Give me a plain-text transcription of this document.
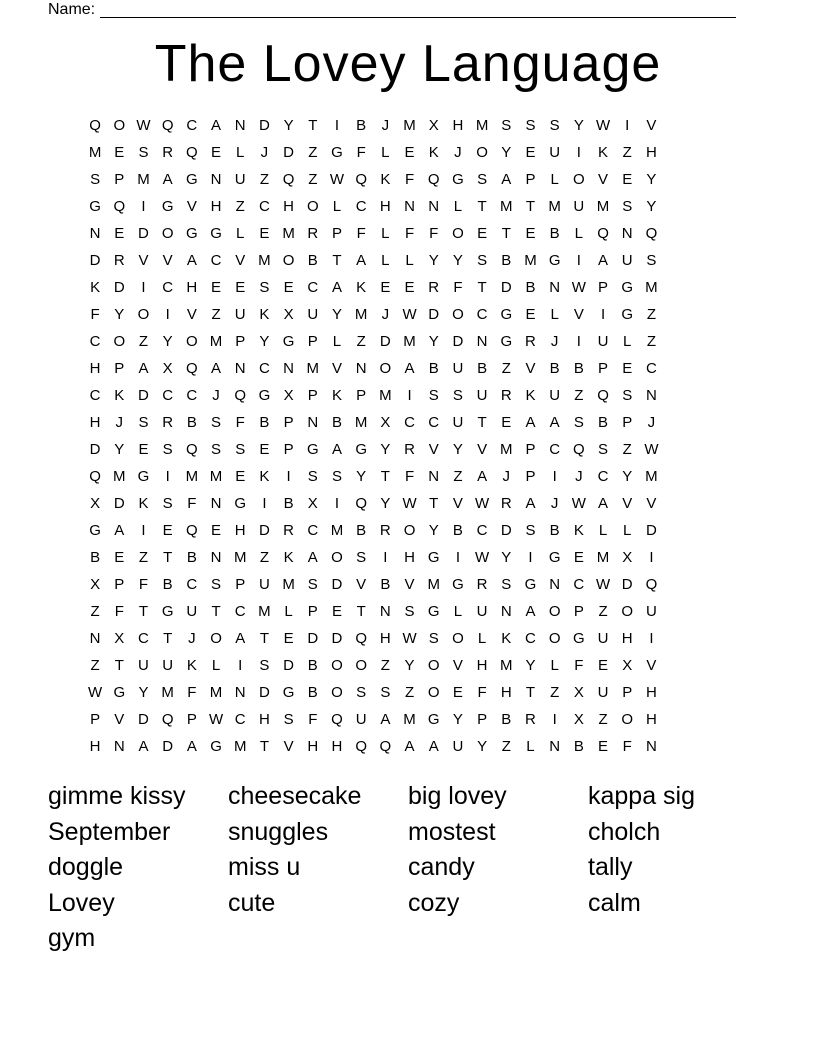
Name:
The Lovey Language
Q O W Q C A N D Y T	I	B	J M X H M S S S Y W	I	V
M E S R Q E	L	J	D Z G F	L	E K	J O Y E U	I	K Z H
S P M A G N U Z Q Z W Q K F Q G S A P	L O V E Y
G Q	I	G V H Z C H O L C H N N L	T M T M U M S Y
N E D O G G L	E M R P F	L	F	F O E T E B	L Q N Q
D R V V A C V M O B T A	L	L	Y Y S B M G	I	A U S
K D	I	C H E E S E C A K E E R F	T D B N W P G M
F Y O	I	V Z U K X U Y M J W D O C G E	L	V	I	G Z
C O Z Y O M P Y G P	L	Z D M Y D N G R	J	I	U L	Z
H P A X Q A N C N M V N O A B U B Z V B B P E C
C K D C C	J Q G X P K P M	I	S S U R K U Z Q S N
H	J	S R B S F B P N B M X C C U T E A A S B P	J
D Y E S Q S S E P G A G Y R V Y V M P C Q S Z W
Q M G	I	M M E K	I	S S Y T	F N Z A	J	P	I	J	C Y M
X D K S F N G	I	B X	I	Q Y W T V W R A	J W A V V
G A	I	E Q E H D R C M B R O Y B C D S B K	L	L D
B E Z	T B N M Z K A O S	I	H G	I	W Y	I	G E M X	I
X P F B C S P U M S D V B V M G R S G N C W D Q
Z	F	T G U T C M L	P E T N S G L U N A O P Z O U
N X C T	J O A T E D D Q H W S O L	K C O G U H	I
Z	T U U K	L	I	S D B O O Z Y O V H M Y	L	F E X V
W G Y M F M N D G B O S S Z O E F H T	Z X U P H
P V D Q P W C H S F Q U A M G Y P B R	I	X Z O H
H N A D A G M T V H H Q Q A A U Y Z	L N B E F N
gimme kissy	cheesecake	big lovey	kappa sig
September	snuggles	mostest	cholch
doggle	miss u	candy	tally
Lovey	cute	cozy	calm
gym
